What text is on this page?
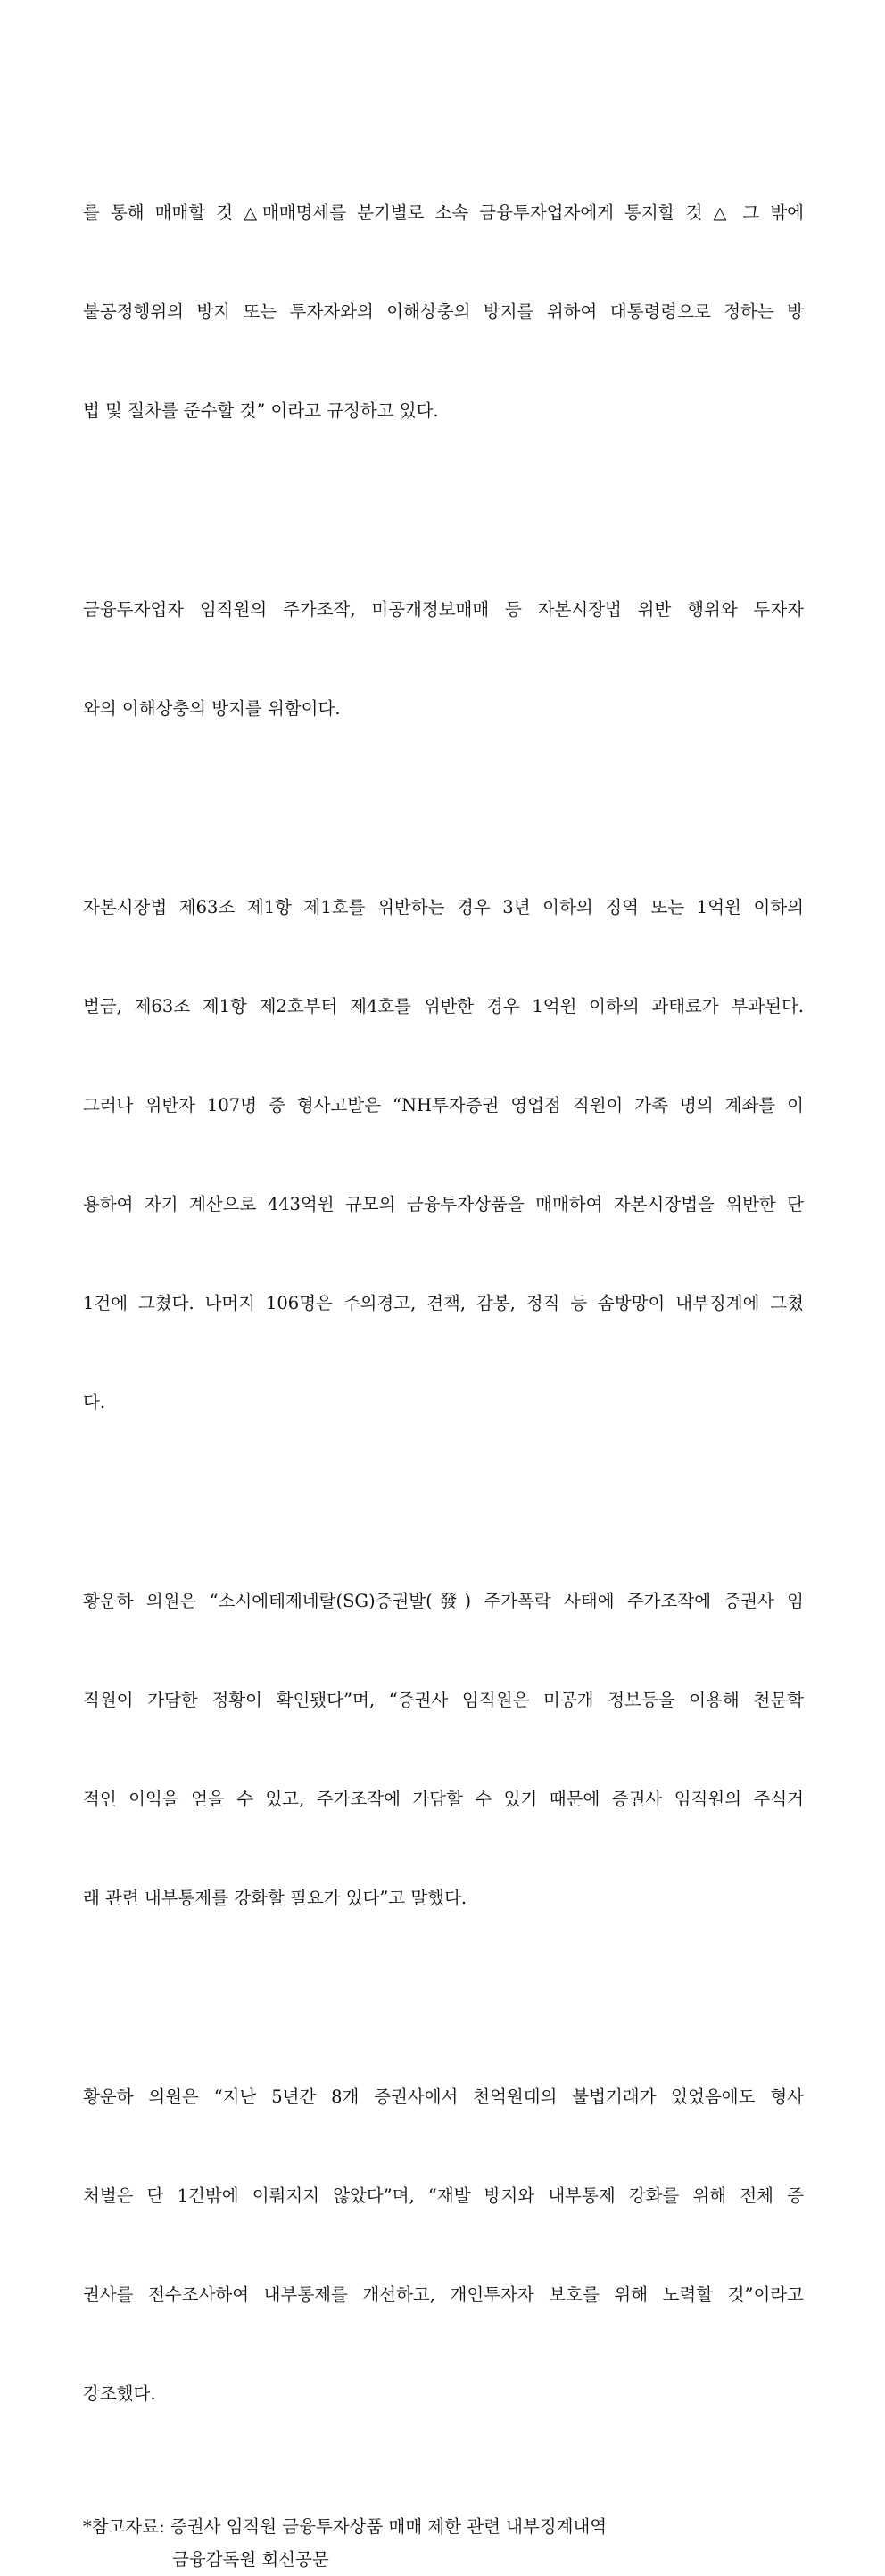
를 통해 매매할 것 △매매명세를 분기별로 소속 금융투자업자에게 통지할 것 △ 그 밖에

불공정행위의 방지 또는 투자자와의 이해상충의 방지를 위하여 대통령령으로 정하는 방

법 및 절차를 준수할 것” 이라고 규정하고 있다.

금융투자업자 임직원의 주가조작, 미공개정보매매 등 자본시장법 위반 행위와 투자자

와의 이해상충의 방지를 위함이다.

자본시장법 제63조 제1항 제1호를 위반하는 경우 3년 이하의 징역 또는 1억원 이하의

벌금, 제63조 제1항 제2호부터 제4호를 위반한 경우 1억원 이하의 과태료가 부과된다.

그러나 위반자 107명 중 형사고발은 “NH투자증권 영업점 직원이 가족 명의 계좌를 이

용하여 자기 계산으로 443억원 규모의 금융투자상품을 매매하여 자본시장법을 위반한 단

1건에 그쳤다. 나머지 106명은 주의경고, 견책, 감봉, 정직 등 솜방망이 내부징계에 그쳤

다.

황운하 의원은 “소시에테제네랄(SG)증권발(發) 주가폭락 사태에 주가조작에 증권사 임

직원이 가담한 정황이 확인됐다”며, “증권사 임직원은 미공개 정보등을 이용해 천문학

적인 이익을 얻을 수 있고, 주가조작에 가담할 수 있기 때문에 증권사 임직원의 주식거

래 관련 내부통제를 강화할 필요가 있다”고 말했다.

황운하 의원은 “지난 5년간 8개 증권사에서 천억원대의 불법거래가 있었음에도 형사

처벌은 단 1건밖에 이뤄지지 않았다”며, “재발 방지와 내부통제 강화를 위해 전체 증

권사를 전수조사하여 내부통제를 개선하고, 개인투자자 보호를 위해 노력할 것”이라고

강조했다.

*참고자료: 증권사 임직원 금융투자상품 매매 제한 관련 내부징계내역
금융감독원 회신공문
